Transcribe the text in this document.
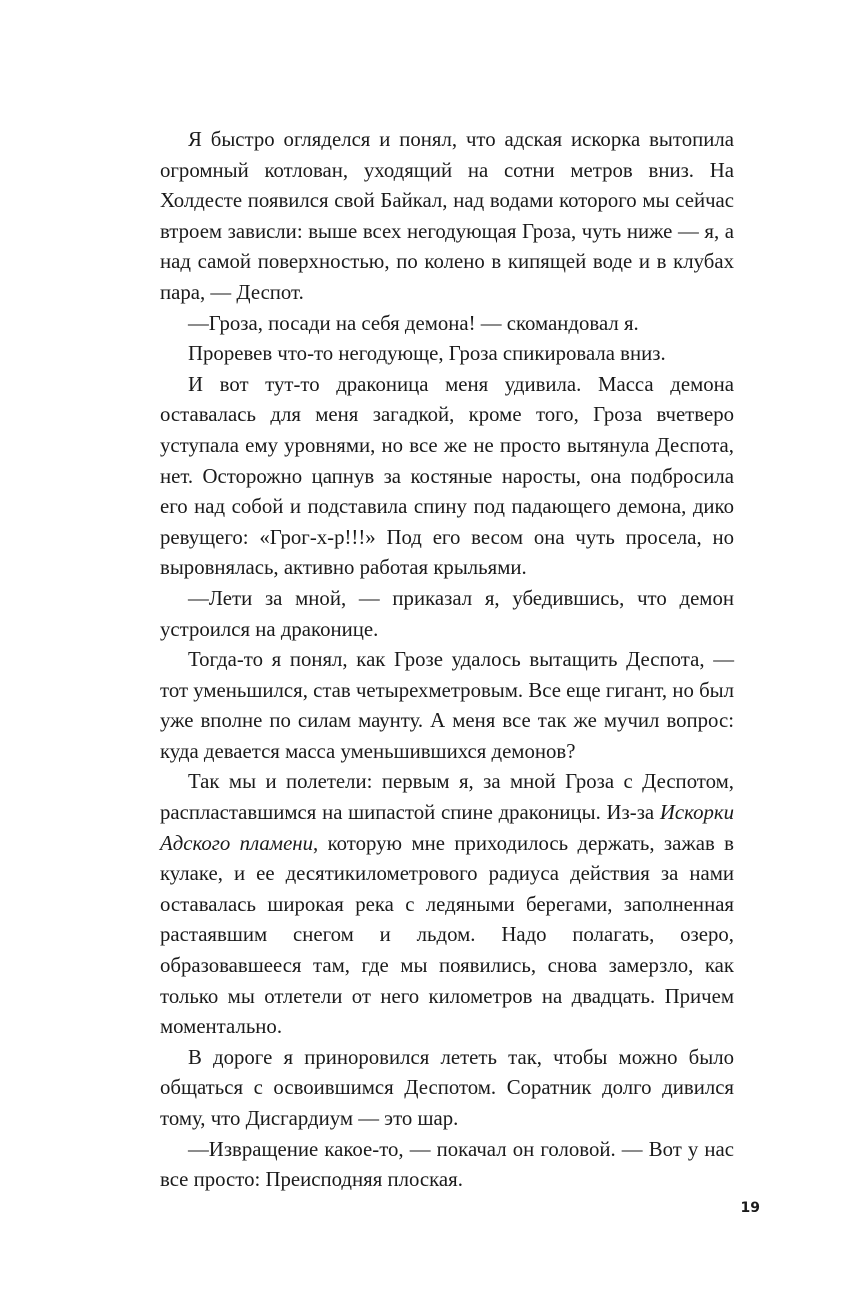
Я быстро огляделся и понял, что адская искорка вытопила огромный котлован, уходящий на сотни метров вниз. На Холдесте появился свой Байкал, над водами которого мы сейчас втроем зависли: выше всех негодующая Гроза, чуть ниже — я, а над самой поверхностью, по колено в кипящей воде и в клубах пара, — Деспот.

—Гроза, посади на себя демона! — скомандовал я.

Проревев что-то негодующе, Гроза спикировала вниз.

И вот тут-то драконица меня удивила. Масса демона оставалась для меня загадкой, кроме того, Гроза вчетверо уступала ему уровнями, но все же не просто вытянула Деспота, нет. Осторожно цапнув за костяные наросты, она подбросила его над собой и подставила спину под падающего демона, дико ревущего: «Грог-х-р!!!» Под его весом она чуть просела, но выровнялась, активно работая крыльями.

—Лети за мной, — приказал я, убедившись, что демон устроился на драконице.

Тогда-то я понял, как Грозе удалось вытащить Деспота, — тот уменьшился, став четырехметровым. Все еще гигант, но был уже вполне по силам маунту. А меня все так же мучил вопрос: куда девается масса уменьшившихся демонов?

Так мы и полетели: первым я, за мной Гроза с Деспотом, распластавшимся на шипастой спине драконицы. Из-за Искорки Адского пламени, которую мне приходилось держать, зажав в кулаке, и ее десятикилометрового радиуса действия за нами оставалась широкая река с ледяными берегами, заполненная растаявшим снегом и льдом. Надо полагать, озеро, образовавшееся там, где мы появились, снова замерзло, как только мы отлетели от него километров на двадцать. Причем моментально.

В дороге я приноровился лететь так, чтобы можно было общаться с освоившимся Деспотом. Соратник долго дивился тому, что Дисгардиум — это шар.

—Извращение какое-то, — покачал он головой. — Вот у нас все просто: Преисподняя плоская.

19
